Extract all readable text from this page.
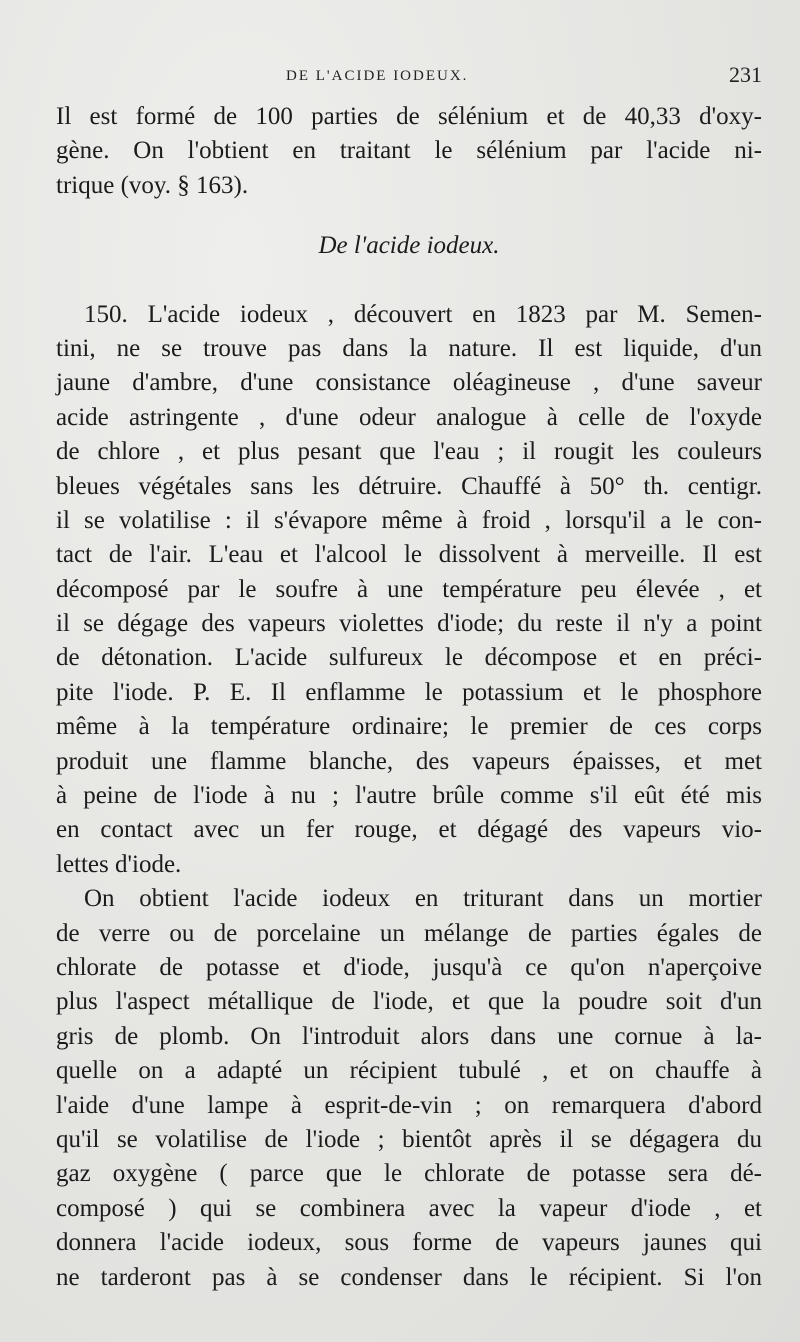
DE L'ACIDE IODEUX.	231
Il est formé de 100 parties de sélénium et de 40,33 d'oxy-
gène. On l'obtient en traitant le sélénium par l'acide ni-
trique (voy. § 163).
De l'acide iodeux.
150. L'acide iodeux , découvert en 1823 par M. Semen-
tini, ne se trouve pas dans la nature. Il est liquide, d'un
jaune d'ambre, d'une consistance oléagineuse , d'une saveur
acide astringente , d'une odeur analogue à celle de l'oxyde
de chlore , et plus pesant que l'eau ; il rougit les couleurs
bleues végétales sans les détruire. Chauffé à 50° th. centigr.
il se volatilise : il s'évapore même à froid , lorsqu'il a le con-
tact de l'air. L'eau et l'alcool le dissolvent à merveille. Il est
décomposé par le soufre à une température peu élevée , et
il se dégage des vapeurs violettes d'iode; du reste il n'y a point
de détonation. L'acide sulfureux le décompose et en préci-
pite l'iode. P. E. Il enflamme le potassium et le phosphore
même à la température ordinaire; le premier de ces corps
produit une flamme blanche, des vapeurs épaisses, et met
à peine de l'iode à nu ; l'autre brûle comme s'il eût été mis
en contact avec un fer rouge, et dégagé des vapeurs vio-
lettes d'iode.
On obtient l'acide iodeux en triturant dans un mortier
de verre ou de porcelaine un mélange de parties égales de
chlorate de potasse et d'iode, jusqu'à ce qu'on n'aperçoive
plus l'aspect métallique de l'iode, et que la poudre soit d'un
gris de plomb. On l'introduit alors dans une cornue à la-
quelle on a adapté un récipient tubulé , et on chauffe à
l'aide d'une lampe à esprit-de-vin ; on remarquera d'abord
qu'il se volatilise de l'iode ; bientôt après il se dégagera du
gaz oxygène ( parce que le chlorate de potasse sera dé-
composé ) qui se combinera avec la vapeur d'iode , et
donnera l'acide iodeux, sous forme de vapeurs jaunes qui
ne tarderont pas à se condenser dans le récipient. Si l'on
